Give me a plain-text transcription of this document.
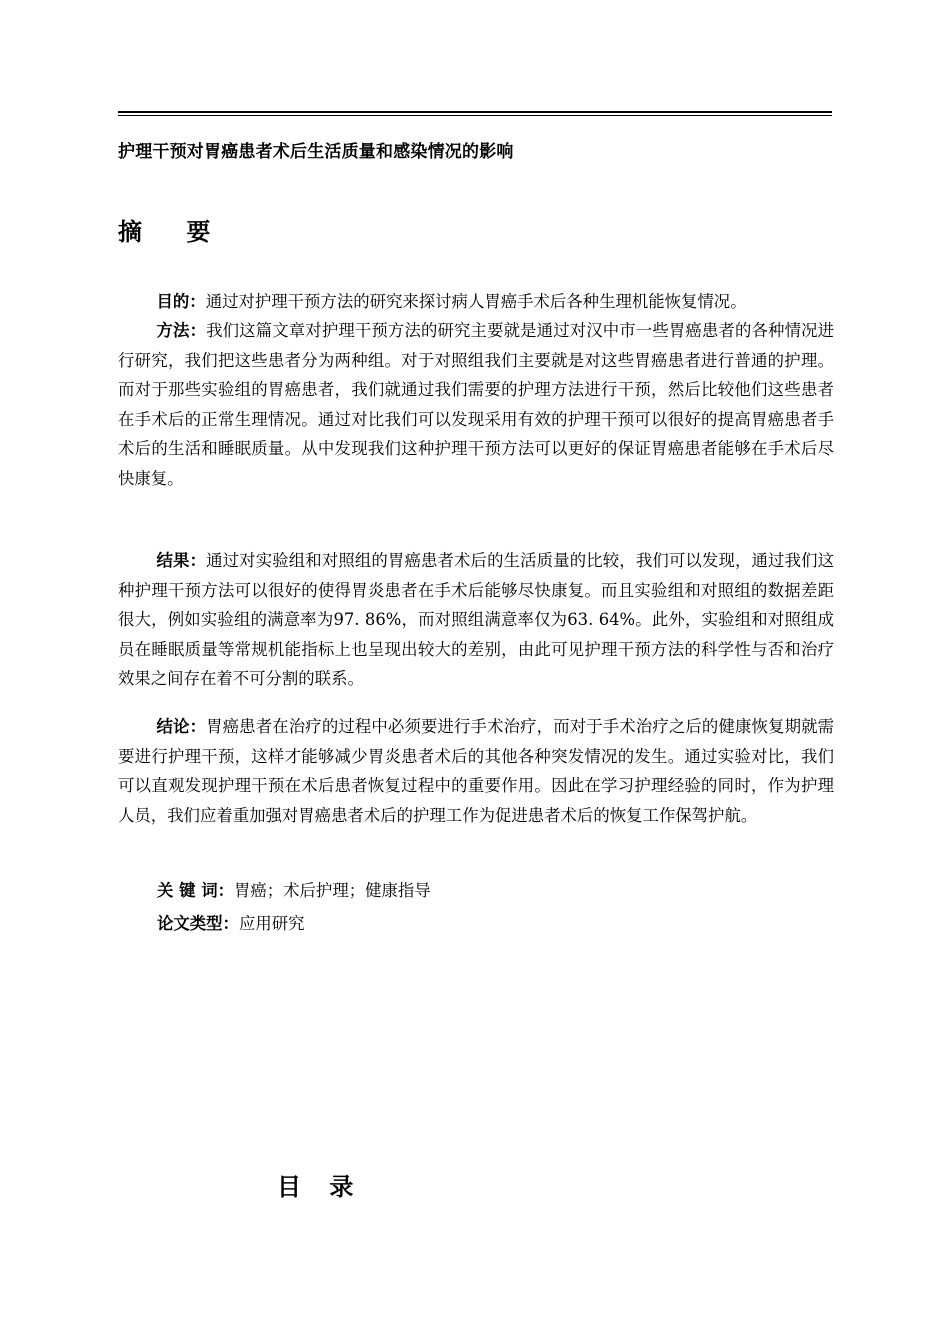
护理干预对胃癌患者术后生活质量和感染情况的影响
摘 要
目的：通过对护理干预方法的研究来探讨病人胃癌手术后各种生理机能恢复情况。
方法：我们这篇文章对护理干预方法的研究主要就是通过对汉中市一些胃癌患者的各种情况进行研究，我们把这些患者分为两种组。对于对照组我们主要就是对这些胃癌患者进行普通的护理。而对于那些实验组的胃癌患者，我们就通过我们需要的护理方法进行干预，然后比较他们这些患者在手术后的正常生理情况。通过对比我们可以发现采用有效的护理干预可以很好的提高胃癌患者手术后的生活和睡眠质量。从中发现我们这种护理干预方法可以更好的保证胃癌患者能够在手术后尽快康复。
结果：通过对实验组和对照组的胃癌患者术后的生活质量的比较，我们可以发现，通过我们这种护理干预方法可以很好的使得胃炎患者在手术后能够尽快康复。而且实验组和对照组的数据差距很大，例如实验组的满意率为97. 86%，而对照组满意率仅为63. 64%。此外，实验组和对照组成员在睡眠质量等常规机能指标上也呈现出较大的差别，由此可见护理干预方法的科学性与否和治疗效果之间存在着不可分割的联系。
结论：胃癌患者在治疗的过程中必须要进行手术治疗，而对于手术治疗之后的健康恢复期就需要进行护理干预，这样才能够减少胃炎患者术后的其他各种突发情况的发生。通过实验对比，我们可以直观发现护理干预在术后患者恢复过程中的重要作用。因此在学习护理经验的同时，作为护理人员，我们应着重加强对胃癌患者术后的护理工作为促进患者术后的恢复工作保驾护航。
关 键 词：胃癌；术后护理；健康指导
论文类型：应用研究
目 录
